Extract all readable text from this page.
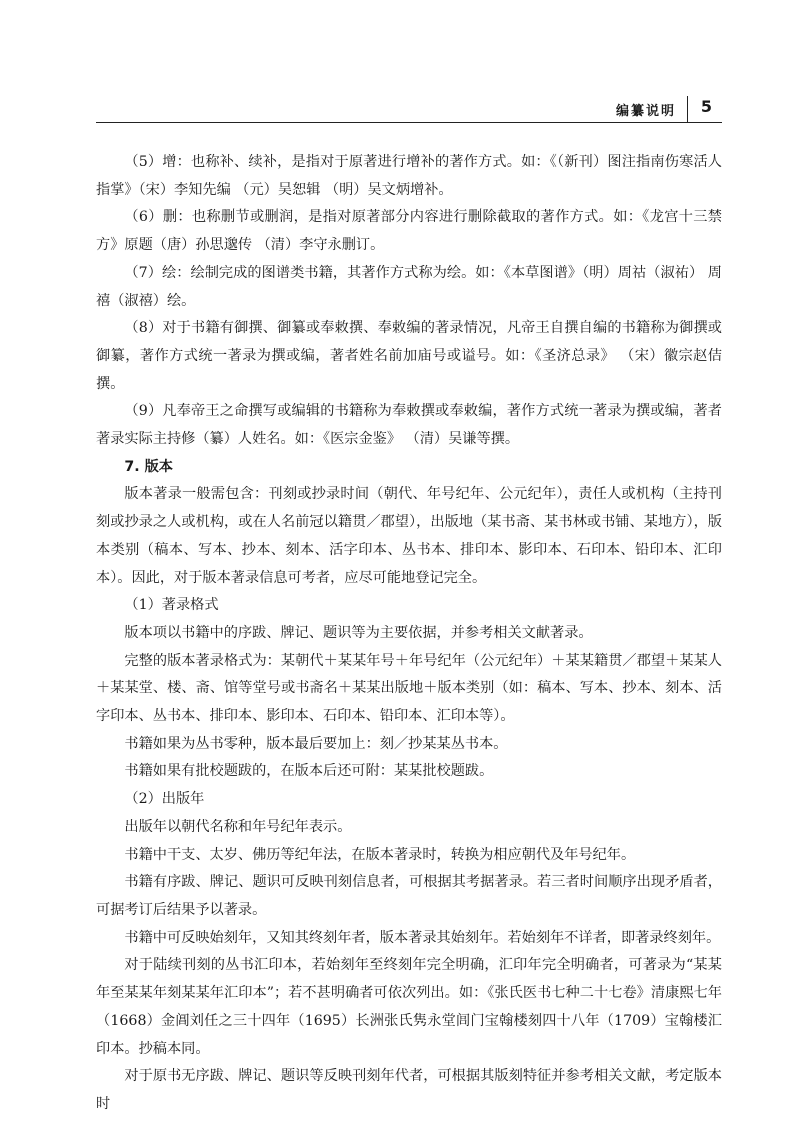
编纂说明 5

（5）增：也称补、续补，是指对于原著进行增补的著作方式。如：《（新刊）图注指南伤寒活人指掌》（宋）李知先编 （元）吴恕辑 （明）吴文炳增补。

（6）删：也称删节或删润，是指对原著部分内容进行删除截取的著作方式。如：《龙宫十三禁方》原题（唐）孙思邈传 （清）李守永删订。

（7）绘：绘制完成的图谱类书籍，其著作方式称为绘。如：《本草图谱》（明）周祜（淑祐） 周禧（淑禧）绘。

（8）对于书籍有御撰、御纂或奉敕撰、奉敕编的著录情况，凡帝王自撰自编的书籍称为御撰或御纂，著作方式统一著录为撰或编，著者姓名前加庙号或谥号。如：《圣济总录》 （宋）徽宗赵佶撰。

（9）凡奉帝王之命撰写或编辑的书籍称为奉敕撰或奉敕编，著作方式统一著录为撰或编，著者著录实际主持修（纂）人姓名。如：《医宗金鉴》 （清）吴谦等撰。

7. 版本

版本著录一般需包含：刊刻或抄录时间（朝代、年号纪年、公元纪年），责任人或机构（主持刊刻或抄录之人或机构，或在人名前冠以籍贯／郡望），出版地（某书斋、某书林或书铺、某地方），版本类别（稿本、写本、抄本、刻本、活字印本、丛书本、排印本、影印本、石印本、铅印本、汇印本）。因此，对于版本著录信息可考者，应尽可能地登记完全。

（1）著录格式

版本项以书籍中的序跋、牌记、题识等为主要依据，并参考相关文献著录。

完整的版本著录格式为：某朝代＋某某年号＋年号纪年（公元纪年）＋某某籍贯／郡望＋某某人＋某某堂、楼、斋、馆等堂号或书斋名＋某某出版地＋版本类别（如：稿本、写本、抄本、刻本、活字印本、丛书本、排印本、影印本、石印本、铅印本、汇印本等）。

书籍如果为丛书零种，版本最后要加上：刻／抄某某丛书本。

书籍如果有批校题跋的，在版本后还可附：某某批校题跋。

（2）出版年

出版年以朝代名称和年号纪年表示。

书籍中干支、太岁、佛历等纪年法，在版本著录时，转换为相应朝代及年号纪年。

书籍有序跋、牌记、题识可反映刊刻信息者，可根据其考据著录。若三者时间顺序出现矛盾者，可据考订后结果予以著录。

书籍中可反映始刻年，又知其终刻年者，版本著录其始刻年。若始刻年不详者，即著录终刻年。

对于陆续刊刻的丛书汇印本，若始刻年至终刻年完全明确，汇印年完全明确者，可著录为“某某年至某某年刻某某年汇印本”；若不甚明确者可依次列出。如：《张氏医书七种二十七卷》清康熙七年（1668）金阊刘任之三十四年（1695）长洲张氏隽永堂闾门宝翰楼刻四十八年（1709）宝翰楼汇印本。抄稿本同。

对于原书无序跋、牌记、题识等反映刊刻年代者，可根据其版刻特征并参考相关文献，考定版本时
